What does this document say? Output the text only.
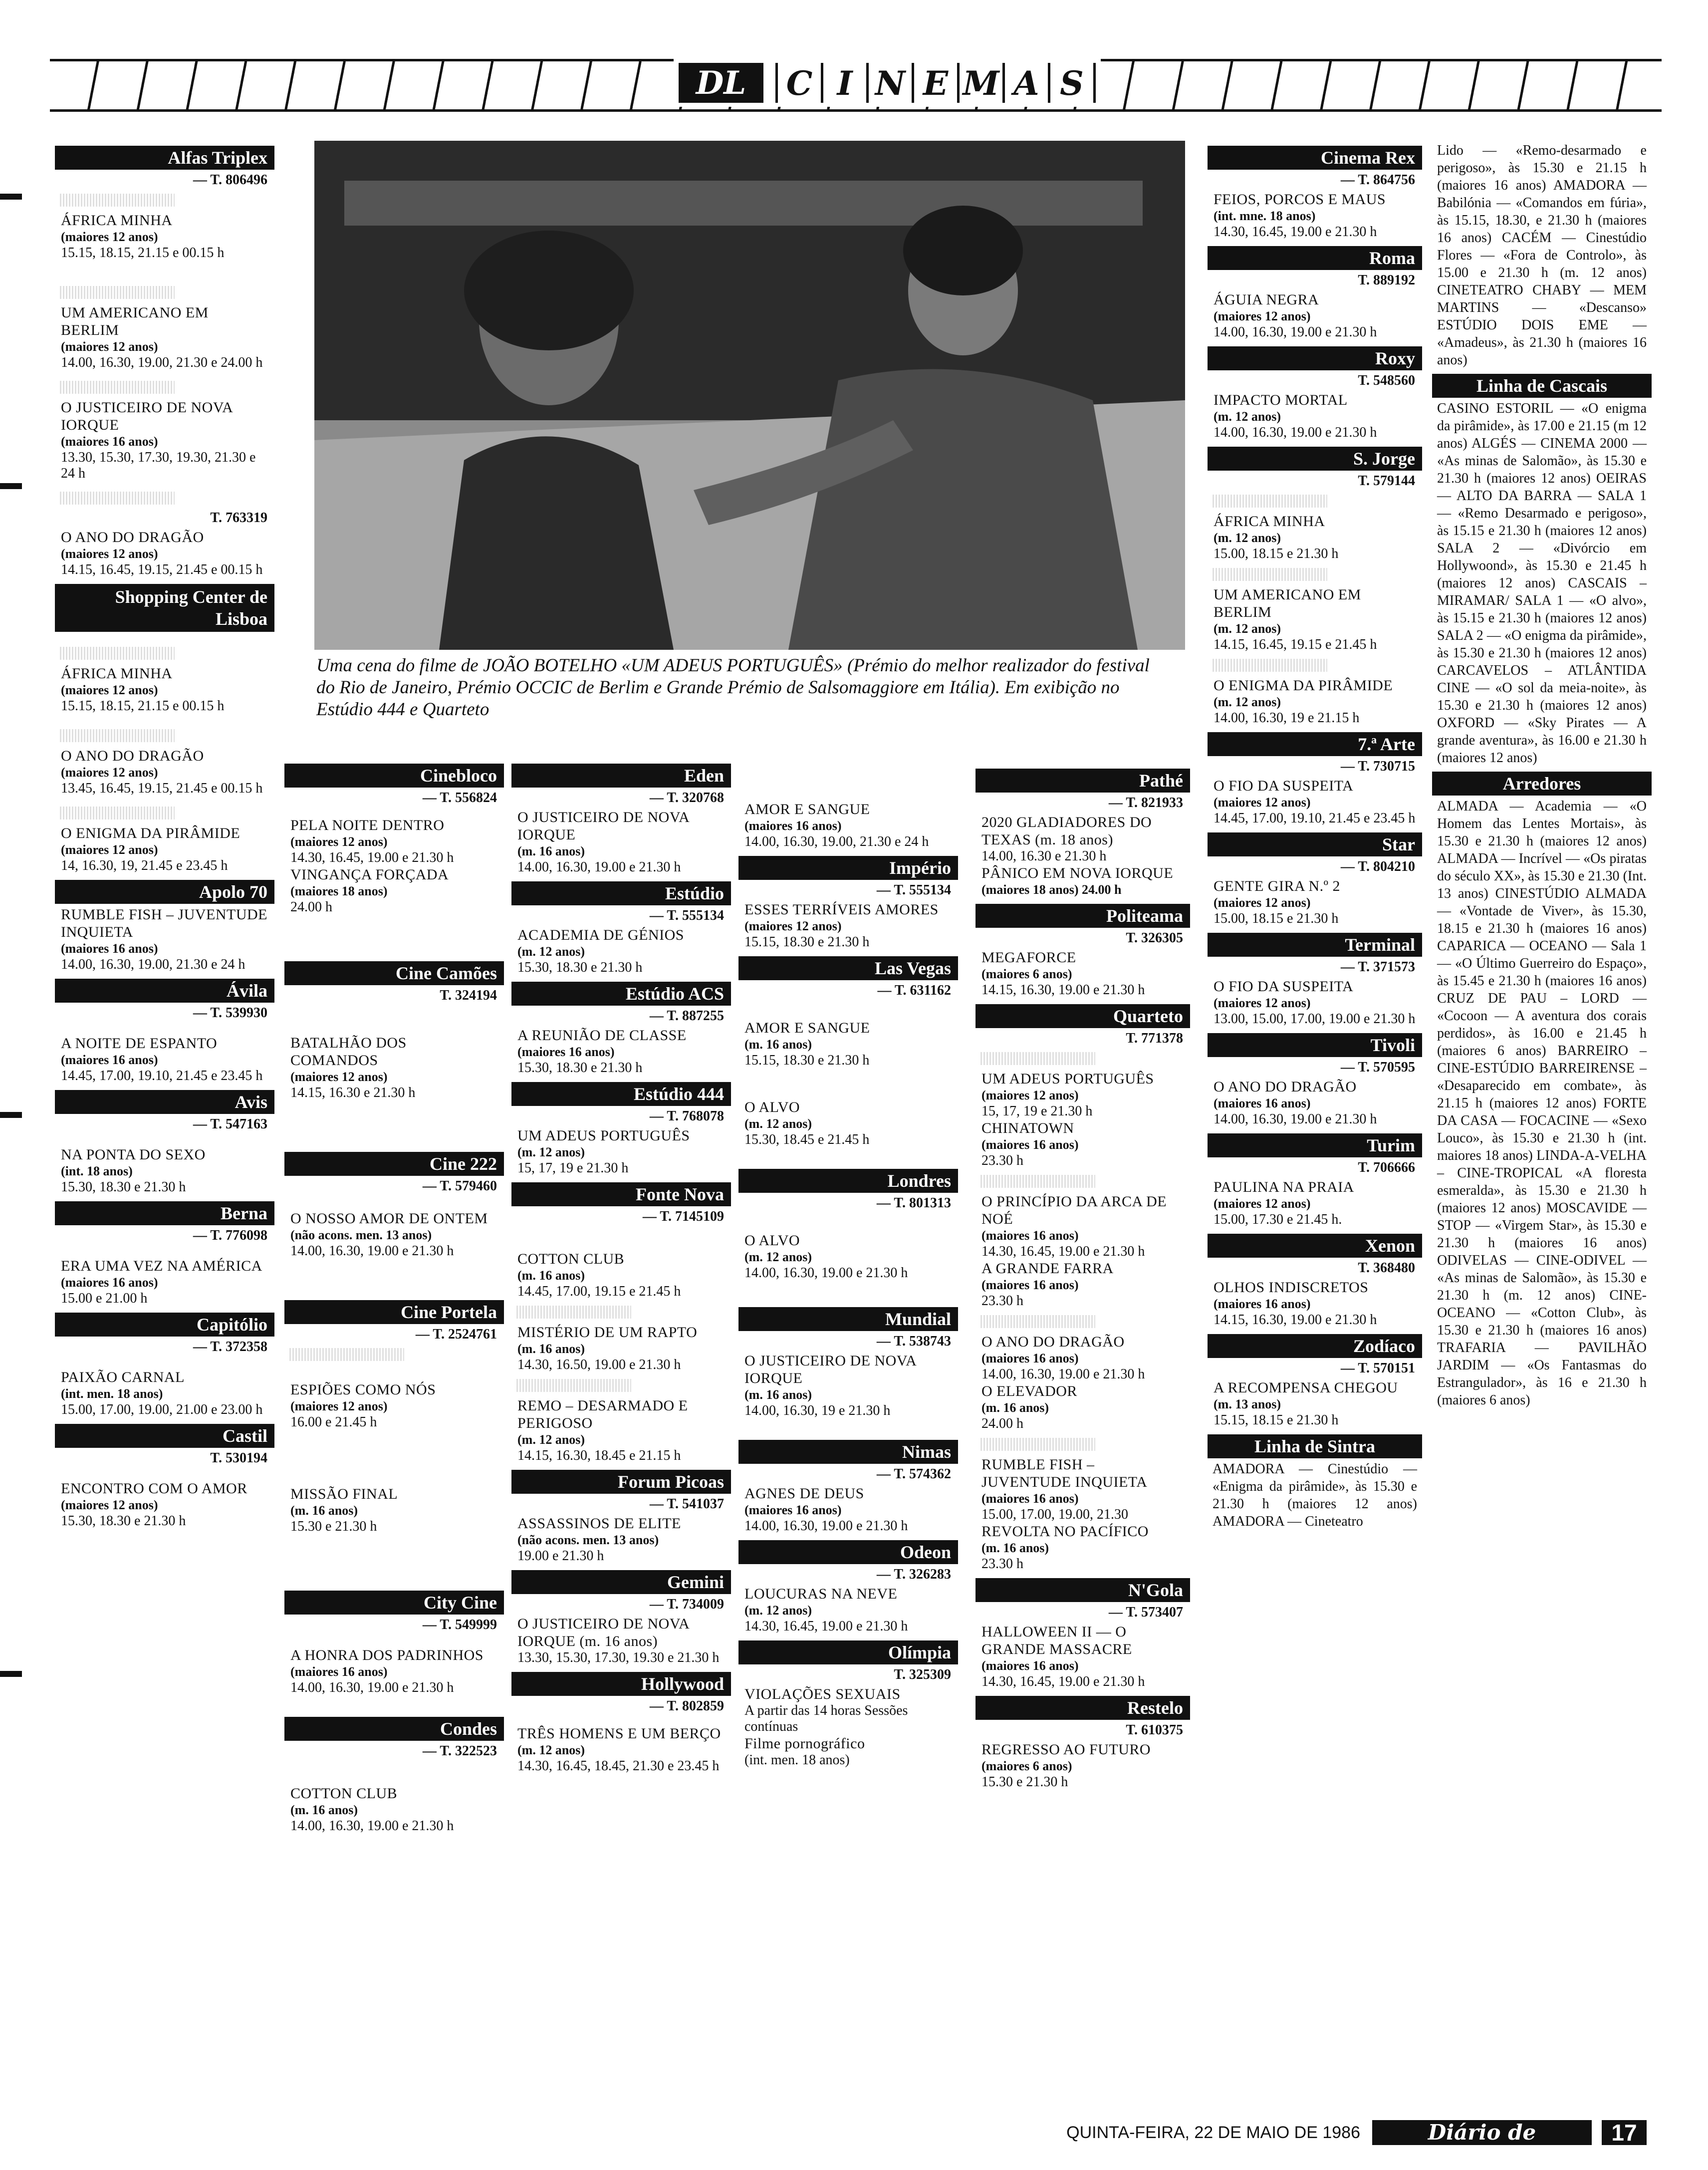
DL	C I N E M A S
Uma cena do filme de JOÃO BOTELHO «UM ADEUS PORTUGUÊS» (Prémio do melhor realizador do festival do Rio de Janeiro, Prémio OCCIC de Berlim e Grande Prémio de Salsomaggiore em Itália). Em exibição no Estúdio 444 e Quarteto
Alfas Triplex
— T. 806496
ÁFRICA MINHA
(maiores 12 anos)
15.15, 18.15, 21.15 e 00.15 h
UM AMERICANO EM BERLIM
(maiores 12 anos)
14.00, 16.30, 19.00, 21.30 e 24.00 h
O JUSTICEIRO DE NOVA IORQUE
(maiores 16 anos)
13.30, 15.30, 17.30, 19.30, 21.30 e 24 h
T. 763319
O ANO DO DRAGÃO
(maiores 12 anos)
14.15, 16.45, 19.15, 21.45 e 00.15 h
Shopping Center de Lisboa
ÁFRICA MINHA
(maiores 12 anos)
15.15, 18.15, 21.15 e 00.15 h
O ANO DO DRAGÃO
(maiores 12 anos)
13.45, 16.45, 19.15, 21.45 e 00.15 h
O ENIGMA DA PIRÂMIDE
(maiores 12 anos)
14, 16.30, 19, 21.45 e 23.45 h
Apolo 70
RUMBLE FISH – JUVENTUDE INQUIETA
(maiores 16 anos)
14.00, 16.30, 19.00, 21.30 e 24 h
Ávila
— T. 539930
A NOITE DE ESPANTO
(maiores 16 anos)
14.45, 17.00, 19.10, 21.45 e 23.45 h
Avis
— T. 547163
NA PONTA DO SEXO
(int. 18 anos)
15.30, 18.30 e 21.30 h
Berna
— T. 776098
ERA UMA VEZ NA AMÉRICA
(maiores 16 anos)
15.00 e 21.00 h
Capitólio
— T. 372358
PAIXÃO CARNAL
(int. men. 18 anos)
15.00, 17.00, 19.00, 21.00 e 23.00 h
Castil
T. 530194
ENCONTRO COM O AMOR
(maiores 12 anos)
15.30, 18.30 e 21.30 h
Cinebloco
— T. 556824
PELA NOITE DENTRO
(maiores 12 anos)
14.30, 16.45, 19.00 e 21.30 h
VINGANÇA FORÇADA
(maiores 18 anos)
24.00 h
Cine Camões
T. 324194
BATALHÃO DOS COMANDOS
(maiores 12 anos)
14.15, 16.30 e 21.30 h
Cine 222
— T. 579460
O NOSSO AMOR DE ONTEM
(não acons. men. 13 anos)
14.00, 16.30, 19.00 e 21.30 h
Cine Portela
— T. 2524761
ESPIÕES COMO NÓS
(maiores 12 anos)
16.00 e 21.45 h
MISSÃO FINAL
(m. 16 anos)
15.30 e 21.30 h
City Cine
— T. 549999
A HONRA DOS PADRINHOS
(maiores 16 anos)
14.00, 16.30, 19.00 e 21.30 h
Condes
— T. 322523
COTTON CLUB
(m. 16 anos)
14.00, 16.30, 19.00 e 21.30 h
Eden
— T. 320768
O JUSTICEIRO DE NOVA IORQUE
(m. 16 anos)
14.00, 16.30, 19.00 e 21.30 h
Estúdio
— T. 555134
ACADEMIA DE GÉNIOS
(m. 12 anos)
15.30, 18.30 e 21.30 h
Estúdio ACS
— T. 887255
A REUNIÃO DE CLASSE
(maiores 16 anos)
15.30, 18.30 e 21.30 h
Estúdio 444
— T. 768078
UM ADEUS PORTUGUÊS
(m. 12 anos)
15, 17, 19 e 21.30 h
Fonte Nova
— T. 7145109
COTTON CLUB
(m. 16 anos)
14.45, 17.00, 19.15 e 21.45 h
MISTÉRIO DE UM RAPTO
(m. 16 anos)
14.30, 16.50, 19.00 e 21.30 h
REMO – DESARMADO E PERIGOSO
(m. 12 anos)
14.15, 16.30, 18.45 e 21.15 h
Forum Picoas
— T. 541037
ASSASSINOS DE ELITE
(não acons. men. 13 anos)
19.00 e 21.30 h
Gemini
— T. 734009
O JUSTICEIRO DE NOVA IORQUE (m. 16 anos)
13.30, 15.30, 17.30, 19.30 e 21.30 h
Hollywood
— T. 802859
TRÊS HOMENS E UM BERÇO
(m. 12 anos)
14.30, 16.45, 18.45, 21.30 e 23.45 h
AMOR E SANGUE
(maiores 16 anos)
14.00, 16.30, 19.00, 21.30 e 24 h
Império
— T. 555134
ESSES TERRÍVEIS AMORES
(maiores 12 anos)
15.15, 18.30 e 21.30 h
Las Vegas
— T. 631162
AMOR E SANGUE
(m. 16 anos)
15.15, 18.30 e 21.30 h
O ALVO
(m. 12 anos)
15.30, 18.45 e 21.45 h
Londres
— T. 801313
O ALVO
(m. 12 anos)
14.00, 16.30, 19.00 e 21.30 h
Mundial
— T. 538743
O JUSTICEIRO DE NOVA IORQUE
(m. 16 anos)
14.00, 16.30, 19 e 21.30 h
Nimas
— T. 574362
AGNES DE DEUS
(maiores 16 anos)
14.00, 16.30, 19.00 e 21.30 h
Odeon
— T. 326283
LOUCURAS NA NEVE
(m. 12 anos)
14.30, 16.45, 19.00 e 21.30 h
Olímpia
T. 325309
VIOLAÇÕES SEXUAIS
A partir das 14 horas Sessões contínuas
Filme pornográfico
(int. men. 18 anos)
Pathé
— T. 821933
2020 GLADIADORES DO TEXAS (m. 18 anos)
14.00, 16.30 e 21.30 h
PÂNICO EM NOVA IORQUE
(maiores 18 anos) 24.00 h
Politeama
T. 326305
MEGAFORCE
(maiores 6 anos)
14.15, 16.30, 19.00 e 21.30 h
Quarteto
T. 771378
UM ADEUS PORTUGUÊS
(maiores 12 anos)
15, 17, 19 e 21.30 h
CHINATOWN
(maiores 16 anos)
23.30 h
O PRINCÍPIO DA ARCA DE NOÉ
(maiores 16 anos)
14.30, 16.45, 19.00 e 21.30 h
A GRANDE FARRA
(maiores 16 anos)
23.30 h
O ANO DO DRAGÃO
(maiores 16 anos)
14.00, 16.30, 19.00 e 21.30 h
O ELEVADOR
(m. 16 anos)
24.00 h
RUMBLE FISH – JUVENTUDE INQUIETA
(maiores 16 anos)
15.00, 17.00, 19.00, 21.30
REVOLTA NO PACÍFICO
(m. 16 anos)
23.30 h
N'Gola
— T. 573407
HALLOWEEN II — O GRANDE MASSACRE
(maiores 16 anos)
14.30, 16.45, 19.00 e 21.30 h
Restelo
T. 610375
REGRESSO AO FUTURO
(maiores 6 anos)
15.30 e 21.30 h
Cinema Rex
— T. 864756
FEIOS, PORCOS E MAUS
(int. mne. 18 anos)
14.30, 16.45, 19.00 e 21.30 h
Roma
T. 889192
ÁGUIA NEGRA
(maiores 12 anos)
14.00, 16.30, 19.00 e 21.30 h
Roxy
T. 548560
IMPACTO MORTAL
(m. 12 anos)
14.00, 16.30, 19.00 e 21.30 h
S. Jorge
T. 579144
ÁFRICA MINHA
(m. 12 anos)
15.00, 18.15 e 21.30 h
UM AMERICANO EM BERLIM
(m. 12 anos)
14.15, 16.45, 19.15 e 21.45 h
O ENIGMA DA PIRÂMIDE
(m. 12 anos)
14.00, 16.30, 19 e 21.15 h
7.ª Arte
— T. 730715
O FIO DA SUSPEITA
(maiores 12 anos)
14.45, 17.00, 19.10, 21.45 e 23.45 h
Star
— T. 804210
GENTE GIRA N.º 2
(maiores 12 anos)
15.00, 18.15 e 21.30 h
Terminal
— T. 371573
O FIO DA SUSPEITA
(maiores 12 anos)
13.00, 15.00, 17.00, 19.00 e 21.30 h
Tivoli
— T. 570595
O ANO DO DRAGÃO
(maiores 16 anos)
14.00, 16.30, 19.00 e 21.30 h
Turim
T. 706666
PAULINA NA PRAIA
(maiores 12 anos)
15.00, 17.30 e 21.45 h.
Xenon
T. 368480
OLHOS INDISCRETOS
(maiores 16 anos)
14.15, 16.30, 19.00 e 21.30 h
Zodíaco
— T. 570151
A RECOMPENSA CHEGOU
(m. 13 anos)
15.15, 18.15 e 21.30 h
Linha de Sintra
AMADORA — Cinestúdio — «Enigma da pirâmide», às 15.30 e 21.30 h (maiores 12 anos) AMADORA — Cineteatro
Lido — «Remo-desarmado e perigoso», às 15.30 e 21.15 h (maiores 16 anos) AMADORA — Babilónia — «Comandos em fúria», às 15.15, 18.30, e 21.30 h (maiores 16 anos) CACÉM — Cinestúdio Flores — «Fora de Controlo», às 15.00 e 21.30 h (m. 12 anos) CINETEATRO CHABY — MEM MARTINS — «Descanso» ESTÚDIO DOIS EME — «Amadeus», às 21.30 h (maiores 16 anos)
Linha de Cascais
CASINO ESTORIL — «O enigma da pirâmide», às 17.00 e 21.15 (m 12 anos) ALGÉS — CINEMA 2000 — «As minas de Salomão», às 15.30 e 21.30 h (maiores 12 anos) OEIRAS — ALTO DA BARRA — SALA 1 — «Remo Desarmado e perigoso», às 15.15 e 21.30 h (maiores 12 anos) SALA 2 — «Divórcio em Hollywoond», às 15.30 e 21.45 h (maiores 12 anos) CASCAIS – MIRAMAR/ SALA 1 — «O alvo», às 15.15 e 21.30 h (maiores 12 anos) SALA 2 — «O enigma da pirâmide», às 15.30 e 21.30 h (maiores 12 anos) CARCAVELOS – ATLÂNTIDA CINE — «O sol da meia-noite», às 15.30 e 21.30 h (maiores 12 anos) OXFORD — «Sky Pirates — A grande aventura», às 16.00 e 21.30 h (maiores 12 anos)
Arredores
ALMADA — Academia — «O Homem das Lentes Mortais», às 15.30 e 21.30 h (maiores 12 anos) ALMADA — Incrível — «Os piratas do século XX», às 15.30 e 21.30 (Int. 13 anos) CINESTÚDIO ALMADA — «Vontade de Viver», às 15.30, 18.15 e 21.30 h (maiores 16 anos) CAPARICA — OCEANO — Sala 1 — «O Último Guerreiro do Espaço», às 15.45 e 21.30 h (maiores 16 anos) CRUZ DE PAU – LORD — «Cocoon — A aventura dos corais perdidos», às 16.00 e 21.45 h (maiores 6 anos) BARREIRO – CINE-ESTÚDIO BARREIRENSE – «Desaparecido em combate», às 21.15 h (maiores 12 anos) FORTE DA CASA — FOCACINE — «Sexo Louco», às 15.30 e 21.30 h (int. maiores 18 anos) LINDA-A-VELHA – CINE-TROPICAL «A floresta esmeralda», às 15.30 e 21.30 h (maiores 12 anos) MOSCAVIDE — STOP — «Virgem Star», às 15.30 e 21.30 h (maiores 16 anos) ODIVELAS — CINE-ODIVEL — «As minas de Salomão», às 15.30 e 21.30 h (m. 12 anos) CINE-OCEANO — «Cotton Club», às 15.30 e 21.30 h (maiores 16 anos) TRAFARIA — PAVILHÃO JARDIM — «Os Fantasmas do Estrangulador», às 16 e 21.30 h (maiores 6 anos)
QUINTA-FEIRA, 22 DE MAIO DE 1986	Diário de Lisboa
17
